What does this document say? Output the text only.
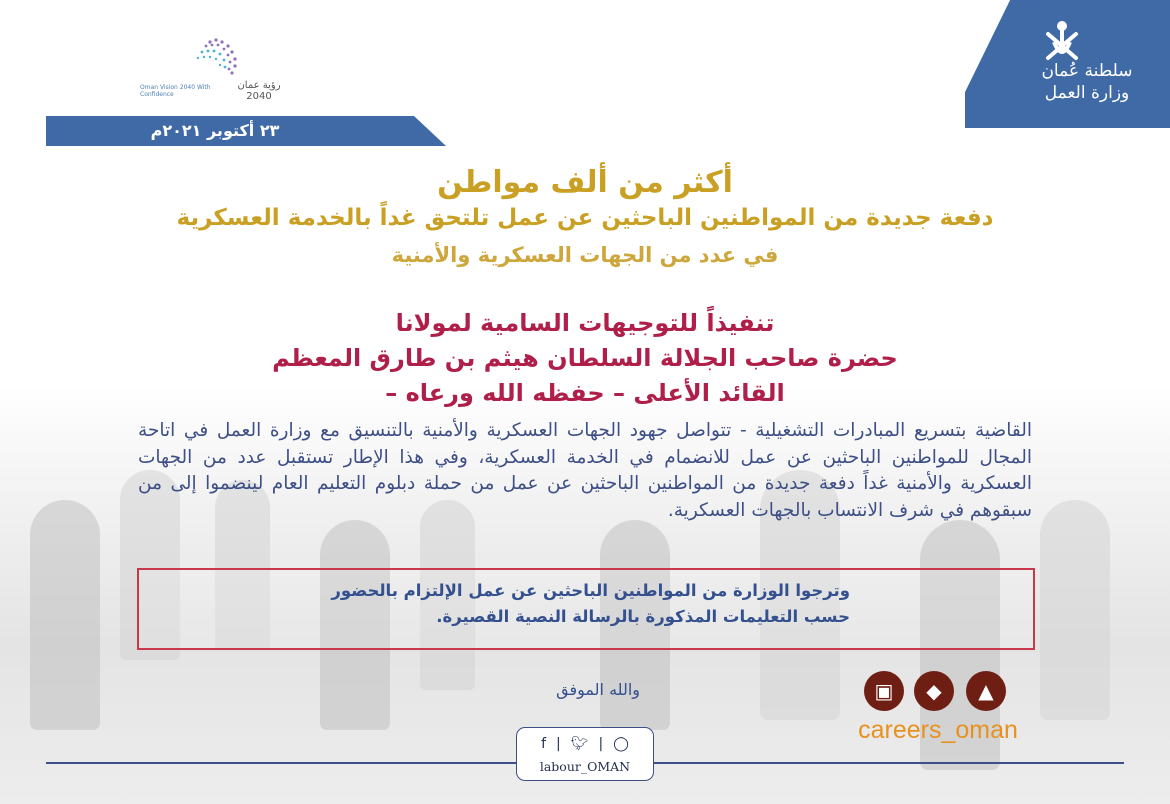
سلطنة عُمان
وزارة العمل
Oman Vision 2040 With Confidence
رؤية عمان 2040
٢٣ أكتوبر ٢٠٢١م
أكثر من ألف مواطن
دفعة جديدة من المواطنين الباحثين عن عمل تلتحق غداً بالخدمة العسكرية
في عدد من الجهات العسكرية والأمنية
تنفيذاً للتوجيهات السامية لمولانا
حضرة صاحب الجلالة السلطان هيثم بن طارق المعظم
القائد الأعلى – حفظه الله ورعاه –

القاضية بتسريع المبادرات التشغيلية - تتواصل جهود الجهات العسكرية والأمنية بالتنسيق مع وزارة العمل في اتاحة المجال للمواطنين الباحثين عن عمل للانضمام في الخدمة العسكرية، وفي هذا الإطار تستقبل عدد من الجهات العسكرية والأمنية غداً دفعة جديدة من المواطنين الباحثين عن عمل من حملة دبلوم التعليم العام لينضموا إلى من سبقوهم في شرف الانتساب بالجهات العسكرية.

وترجوا الوزارة من المواطنين الباحثين عن عمل الإلتزام بالحضور
حسب التعليمات المذكورة بالرسالة النصية القصيرة.
والله الموفق
f | 🐦︎ | ◯
labour_OMAN
▣	◆	▲
careers_oman
